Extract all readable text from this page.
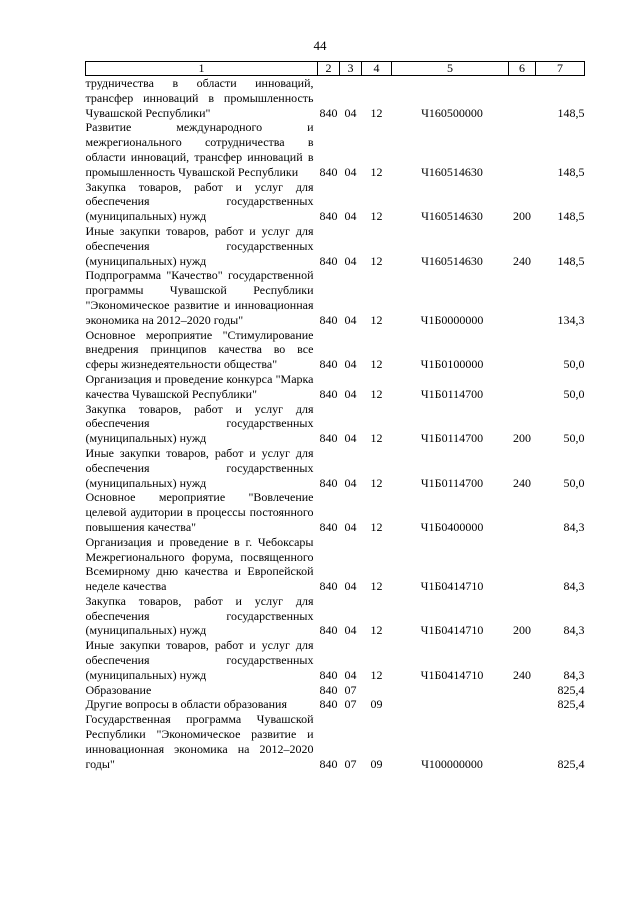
44
1	2	3	4	5	6	7
трудничества в области инноваций, трансфер инноваций в промышленность Чувашской Республики"	840	04	12	Ч160500000		148,5
Развитие международного и межрегионального сотрудничества в области инноваций, трансфер инноваций в промышленность Чувашской Республики	840	04	12	Ч160514630		148,5
Закупка товаров, работ и услуг для обеспечения государственных (муниципальных) нужд	840	04	12	Ч160514630	200	148,5
Иные закупки товаров, работ и услуг для обеспечения государственных (муниципальных) нужд	840	04	12	Ч160514630	240	148,5
Подпрограмма "Качество" государственной программы Чувашской Республики "Экономическое развитие и инновационная экономика на 2012–2020 годы"	840	04	12	Ч1Б0000000		134,3
Основное мероприятие "Стимулирование внедрения принципов качества во все сферы жизнедеятельности общества"	840	04	12	Ч1Б0100000		50,0
Организация и проведение конкурса "Марка качества Чувашской Республики"	840	04	12	Ч1Б0114700		50,0
Закупка товаров, работ и услуг для обеспечения государственных (муниципальных) нужд	840	04	12	Ч1Б0114700	200	50,0
Иные закупки товаров, работ и услуг для обеспечения государственных (муниципальных) нужд	840	04	12	Ч1Б0114700	240	50,0
Основное мероприятие "Вовлечение целевой аудитории в процессы постоянного повышения качества"	840	04	12	Ч1Б0400000		84,3
Организация и проведение в г. Чебоксары Межрегионального форума, посвященного Всемирному дню качества и Европейской неделе качества	840	04	12	Ч1Б0414710		84,3
Закупка товаров, работ и услуг для обеспечения государственных (муниципальных) нужд	840	04	12	Ч1Б0414710	200	84,3
Иные закупки товаров, работ и услуг для обеспечения государственных (муниципальных) нужд	840	04	12	Ч1Б0414710	240	84,3
Образование	840	07				825,4
Другие вопросы в области образования	840	07	09			825,4
Государственная программа Чувашской Республики "Экономическое развитие и инновационная экономика на 2012–2020 годы"	840	07	09	Ч100000000		825,4
